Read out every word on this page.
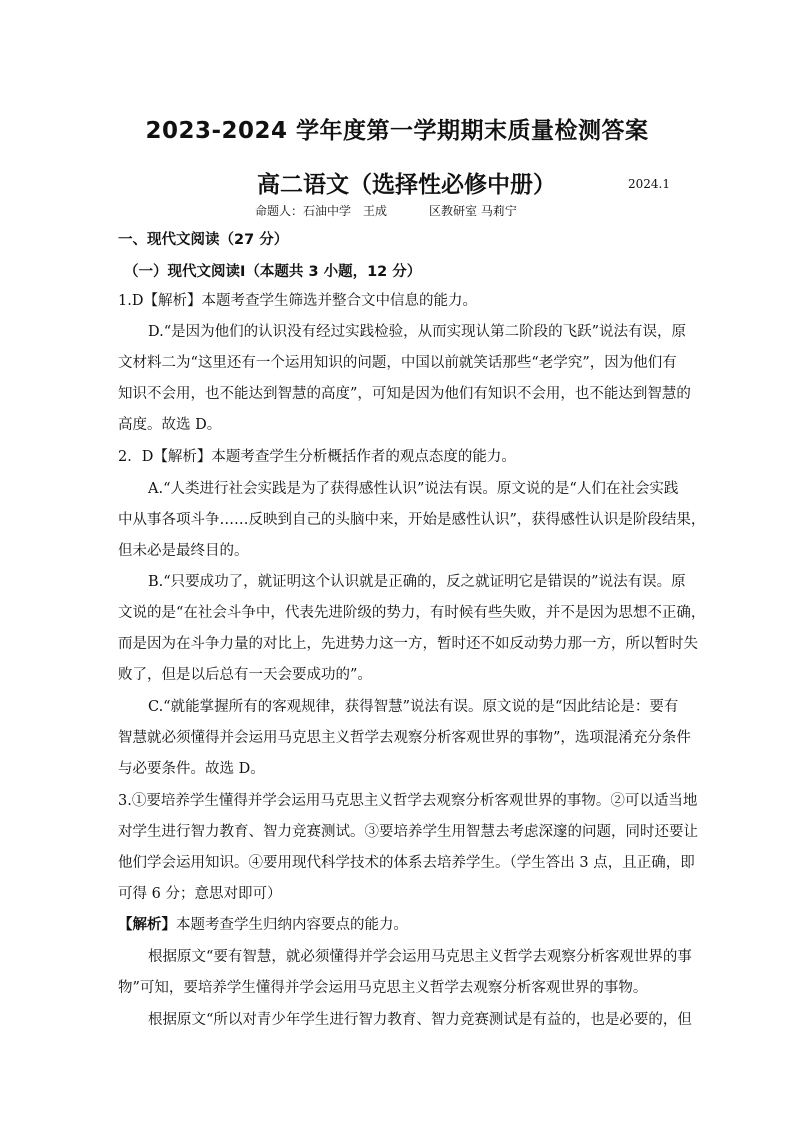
2023-2024 学年度第一学期期末质量检测答案
高二语文（选择性必修中册）	2024.1
命题人：石油中学　王成	区教研室 马莉宁
一、现代文阅读（27 分）
（一）现代文阅读Ⅰ（本题共 3 小题，12 分）
1.D【解析】本题考查学生筛选并整合文中信息的能力。
D.“是因为他们的认识没有经过实践检验，从而实现认第二阶段的飞跃”说法有误，原
文材料二为“这里还有一个运用知识的问题，中国以前就笑话那些“老学究”，因为他们有
知识不会用，也不能达到智慧的高度”，可知是因为他们有知识不会用，也不能达到智慧的
高度。故选 D。
2．D【解析】本题考查学生分析概括作者的观点态度的能力。
A.“人类进行社会实践是为了获得感性认识”说法有误。原文说的是“人们在社会实践
中从事各项斗争……反映到自己的头脑中来，开始是感性认识”，获得感性认识是阶段结果，
但未必是最终目的。
B.“只要成功了，就证明这个认识就是正确的，反之就证明它是错误的”说法有误。原
文说的是“在社会斗争中，代表先进阶级的势力，有时候有些失败，并不是因为思想不正确，
而是因为在斗争力量的对比上，先进势力这一方，暂时还不如反动势力那一方，所以暂时失
败了，但是以后总有一天会要成功的”。
C.“就能掌握所有的客观规律，获得智慧”说法有误。原文说的是“因此结论是：要有
智慧就必须懂得并会运用马克思主义哲学去观察分析客观世界的事物”，选项混淆充分条件
与必要条件。故选 D。
3.①要培养学生懂得并学会运用马克思主义哲学去观察分析客观世界的事物。②可以适当地
对学生进行智力教育、智力竞赛测试。③要培养学生用智慧去考虑深邃的问题，同时还要让
他们学会运用知识。④要用现代科学技术的体系去培养学生。（学生答出 3 点，且正确，即
可得 6 分；意思对即可）
【解析】本题考查学生归纳内容要点的能力。
根据原文“要有智慧，就必须懂得并学会运用马克思主义哲学去观察分析客观世界的事
物”可知，要培养学生懂得并学会运用马克思主义哲学去观察分析客观世界的事物。
根据原文“所以对青少年学生进行智力教育、智力竞赛测试是有益的，也是必要的，但
